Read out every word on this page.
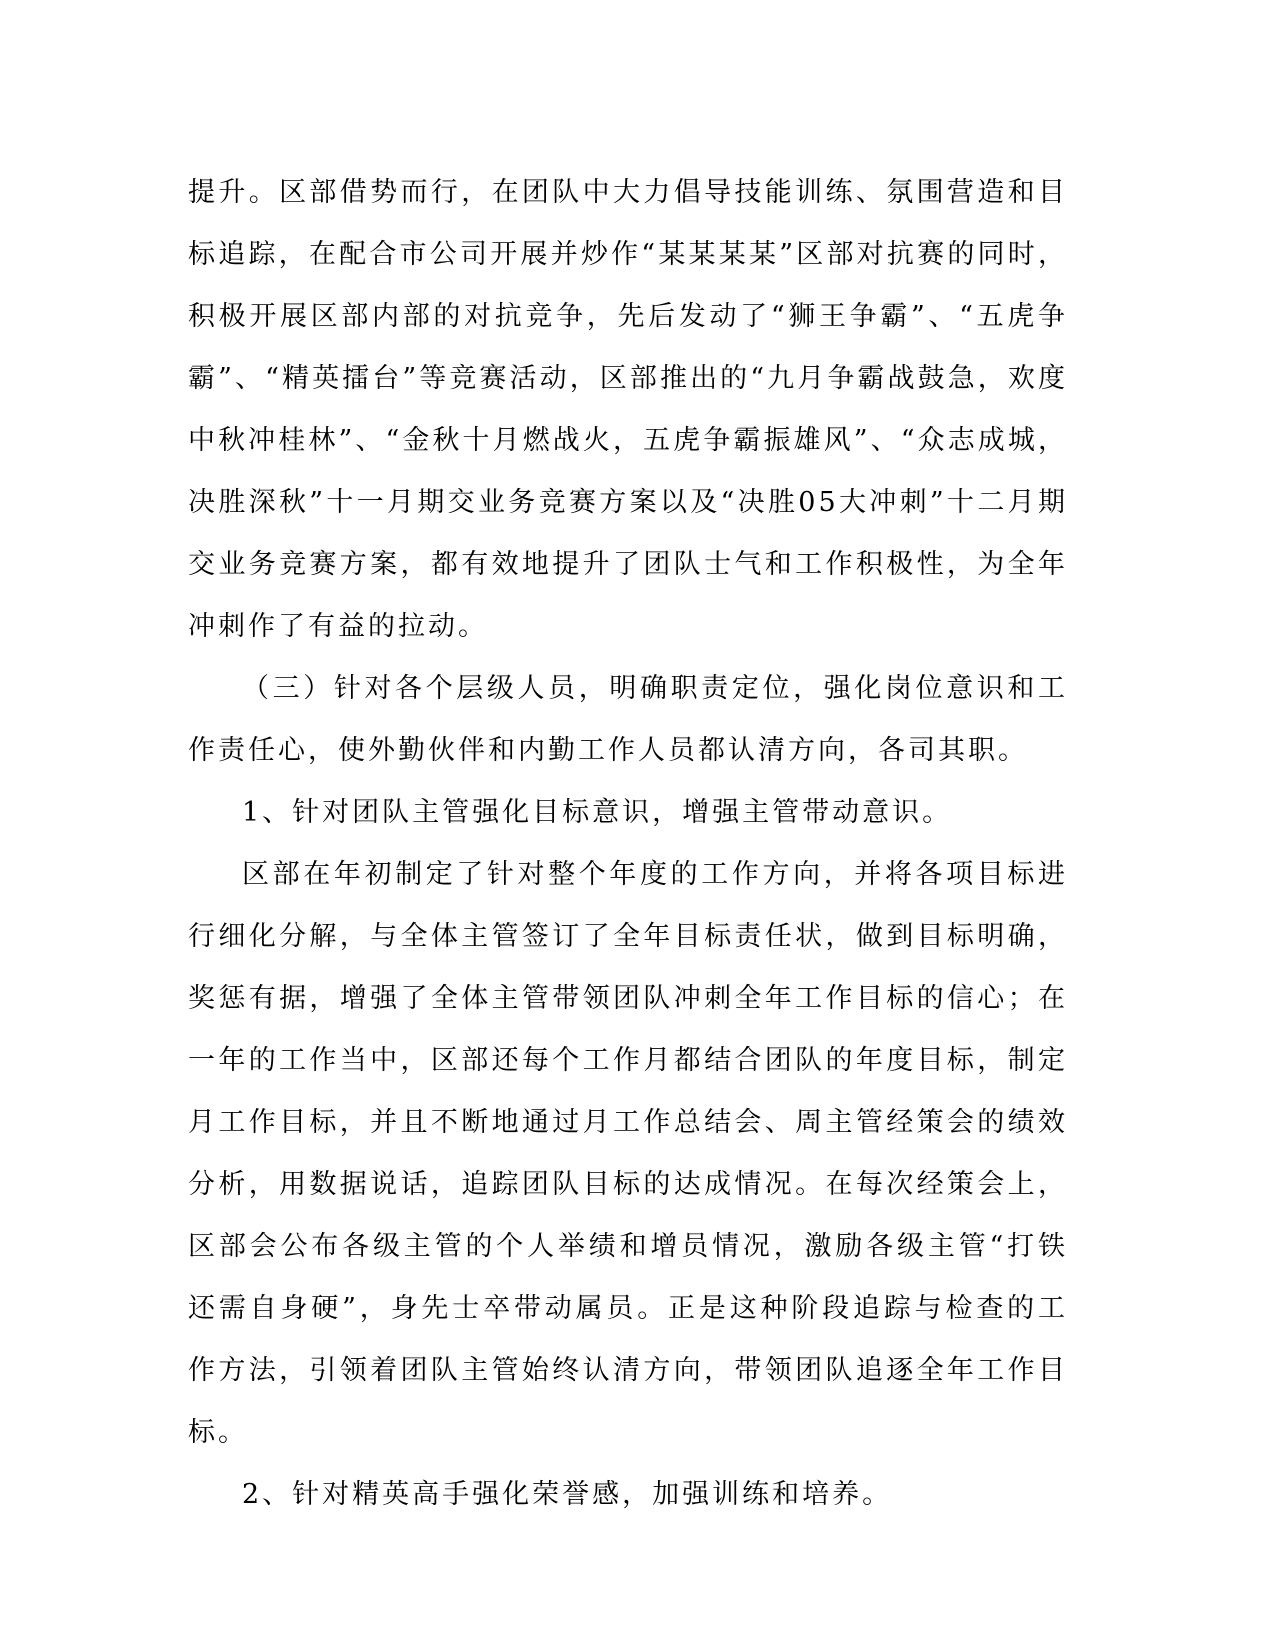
提升。区部借势而行，在团队中大力倡导技能训练、氛围营造和目标追踪，在配合市公司开展并炒作“某某某某”区部对抗赛的同时，积极开展区部内部的对抗竞争，先后发动了“狮王争霸”、“五虎争霸”、“精英擂台”等竞赛活动，区部推出的“九月争霸战鼓急，欢度中秋冲桂林”、“金秋十月燃战火，五虎争霸振雄风”、“众志成城，决胜深秋”十一月期交业务竞赛方案以及“决胜05大冲刺”十二月期交业务竞赛方案，都有效地提升了团队士气和工作积极性，为全年冲刺作了有益的拉动。

（三）针对各个层级人员，明确职责定位，强化岗位意识和工作责任心，使外勤伙伴和内勤工作人员都认清方向，各司其职。

1、针对团队主管强化目标意识，增强主管带动意识。

区部在年初制定了针对整个年度的工作方向，并将各项目标进行细化分解，与全体主管签订了全年目标责任状，做到目标明确，奖惩有据，增强了全体主管带领团队冲刺全年工作目标的信心；在一年的工作当中，区部还每个工作月都结合团队的年度目标，制定月工作目标，并且不断地通过月工作总结会、周主管经策会的绩效分析，用数据说话，追踪团队目标的达成情况。在每次经策会上，区部会公布各级主管的个人举绩和增员情况，激励各级主管“打铁还需自身硬”，身先士卒带动属员。正是这种阶段追踪与检查的工作方法，引领着团队主管始终认清方向，带领团队追逐全年工作目标。

2、针对精英高手强化荣誉感，加强训练和培养。
